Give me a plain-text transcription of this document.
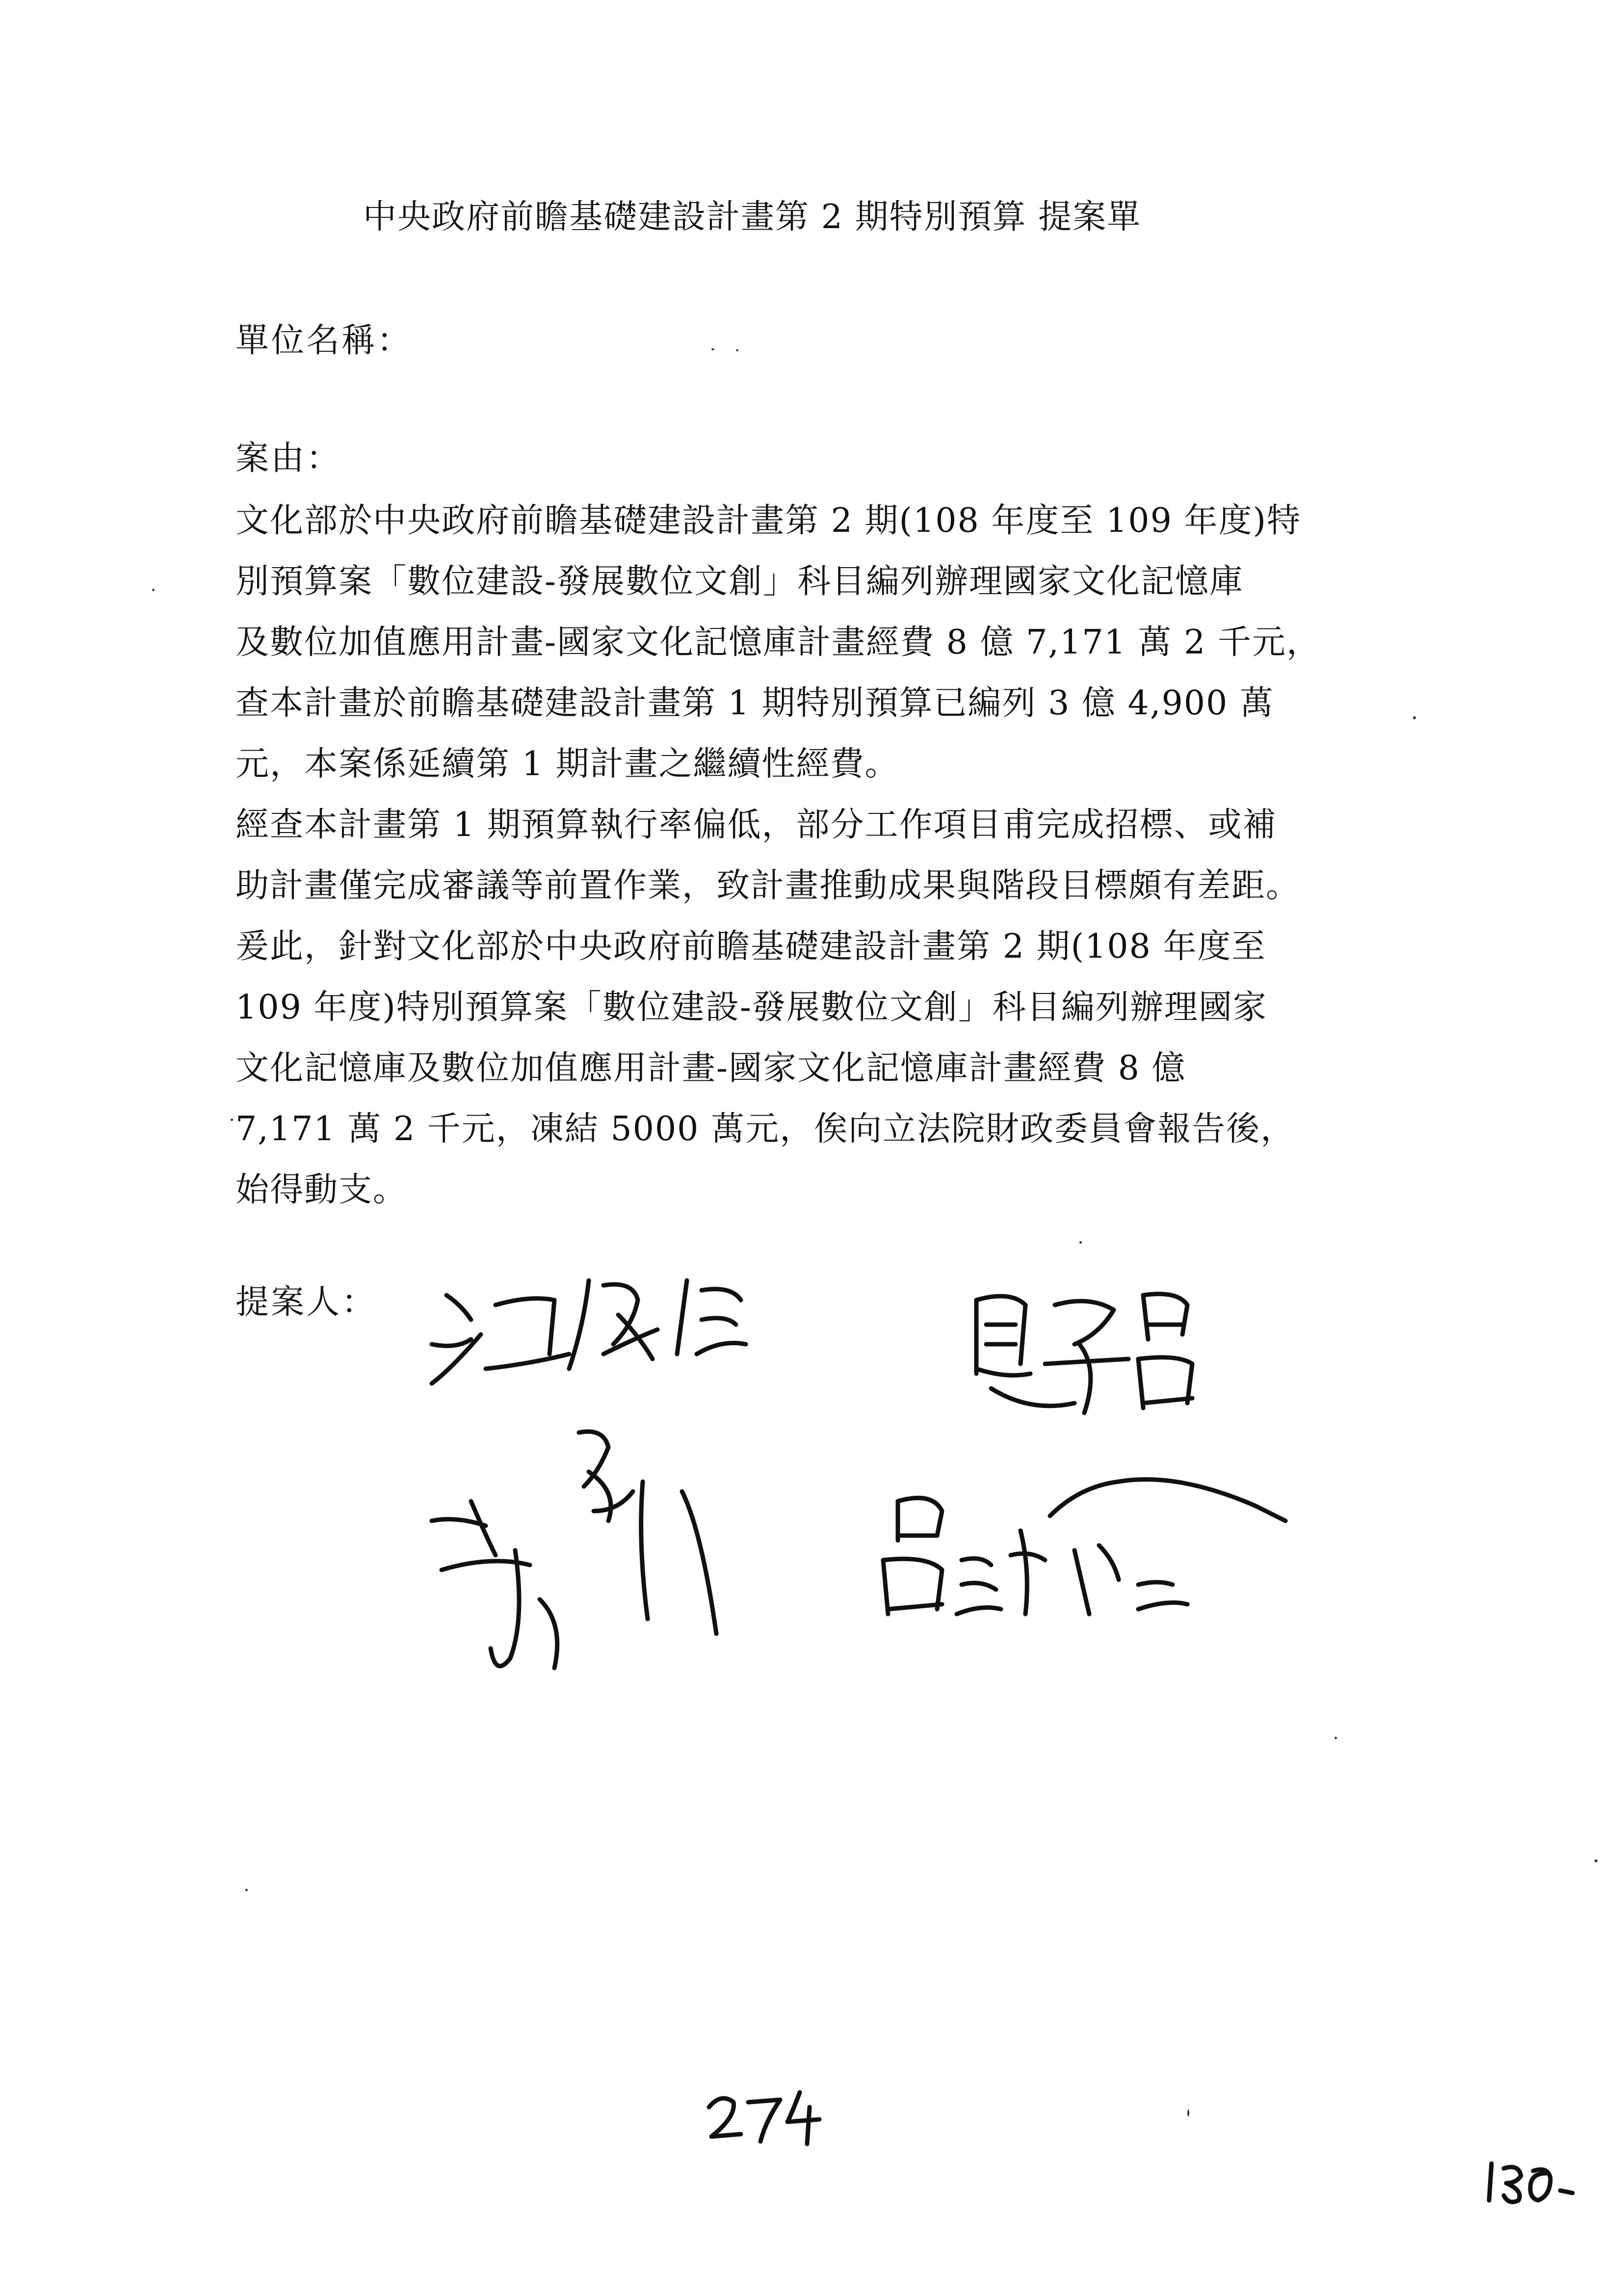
中央政府前瞻基礎建設計畫第 2 期特別預算 提案單
單位名稱：
案由：
文化部於中央政府前瞻基礎建設計畫第 2 期(108 年度至 109 年度)特
別預算案「數位建設-發展數位文創」科目編列辦理國家文化記憶庫
及數位加值應用計畫-國家文化記憶庫計畫經費 8 億 7,171 萬 2 千元，
查本計畫於前瞻基礎建設計畫第 1 期特別預算已編列 3 億 4,900 萬
元，本案係延續第 1 期計畫之繼續性經費。
經查本計畫第 1 期預算執行率偏低，部分工作項目甫完成招標、或補
助計畫僅完成審議等前置作業，致計畫推動成果與階段目標頗有差距。
爰此，針對文化部於中央政府前瞻基礎建設計畫第 2 期(108 年度至
109 年度)特別預算案「數位建設-發展數位文創」科目編列辦理國家
文化記憶庫及數位加值應用計畫-國家文化記憶庫計畫經費 8 億
7,171 萬 2 千元，凍結 5000 萬元，俟向立法院財政委員會報告後，
始得動支。
提案人：
